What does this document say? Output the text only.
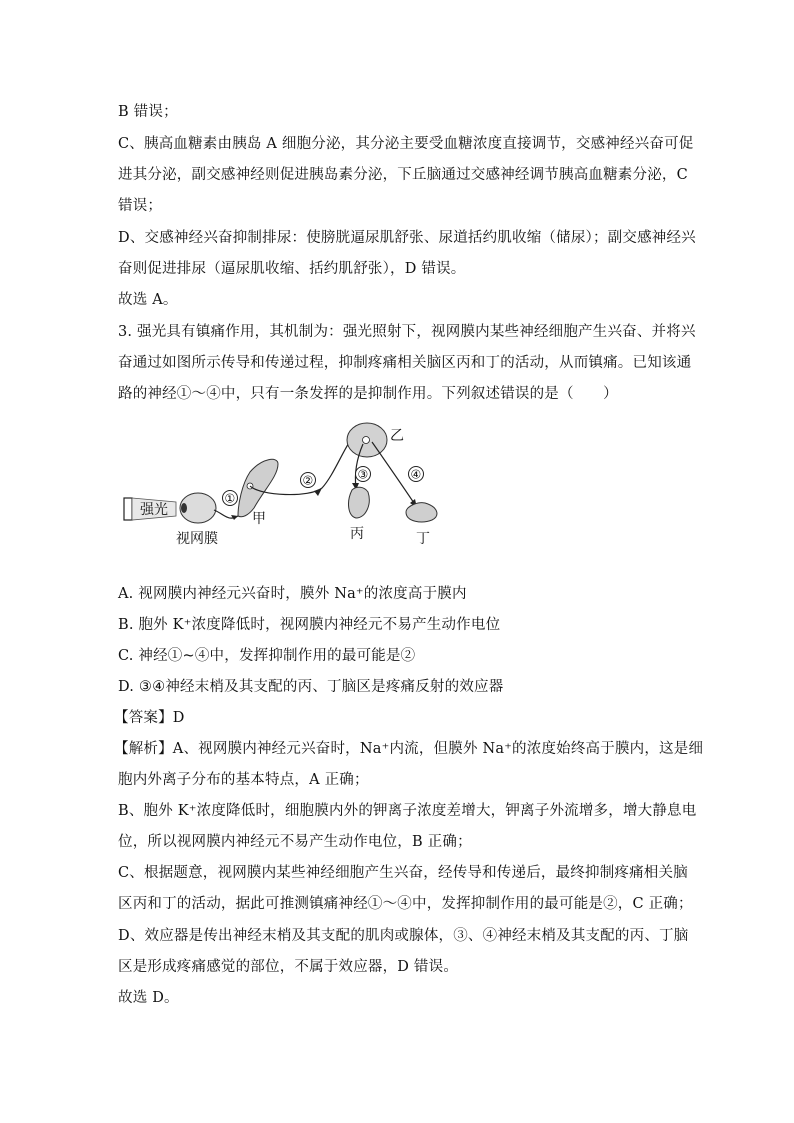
B 错误；
C、胰高血糖素由胰岛 A 细胞分泌，其分泌主要受血糖浓度直接调节，交感神经兴奋可促
进其分泌，副交感神经则促进胰岛素分泌，下丘脑通过交感神经调节胰高血糖素分泌，C
错误；
D、交感神经兴奋抑制排尿：使膀胱逼尿肌舒张、尿道括约肌收缩（储尿）；副交感神经兴
奋则促进排尿（逼尿肌收缩、括约肌舒张），D 错误。
故选 A。
3. 强光具有镇痛作用，其机制为：强光照射下，视网膜内某些神经细胞产生兴奋、并将兴
奋通过如图所示传导和传递过程，抑制疼痛相关脑区丙和丁的活动，从而镇痛。已知该通
路的神经①～④中，只有一条发挥的是抑制作用。下列叙述错误的是（　　）
强光
视网膜
①
甲
②
乙
③
丙
④
丁
A. 视网膜内神经元兴奋时，膜外 Na⁺的浓度高于膜内
B. 胞外 K⁺浓度降低时，视网膜内神经元不易产生动作电位
C. 神经①~④中，发挥抑制作用的最可能是②
D. ③④神经末梢及其支配的丙、丁脑区是疼痛反射的效应器
【答案】D
【解析】A、视网膜内神经元兴奋时，Na⁺内流，但膜外 Na⁺的浓度始终高于膜内，这是细
胞内外离子分布的基本特点，A 正确；
B、胞外 K⁺浓度降低时，细胞膜内外的钾离子浓度差增大，钾离子外流增多，增大静息电
位，所以视网膜内神经元不易产生动作电位，B 正确；
C、根据题意，视网膜内某些神经细胞产生兴奋，经传导和传递后，最终抑制疼痛相关脑
区丙和丁的活动，据此可推测镇痛神经①～④中，发挥抑制作用的最可能是②，C 正确；
D、效应器是传出神经末梢及其支配的肌肉或腺体，③、④神经末梢及其支配的丙、丁脑
区是形成疼痛感觉的部位，不属于效应器，D 错误。
故选 D。
